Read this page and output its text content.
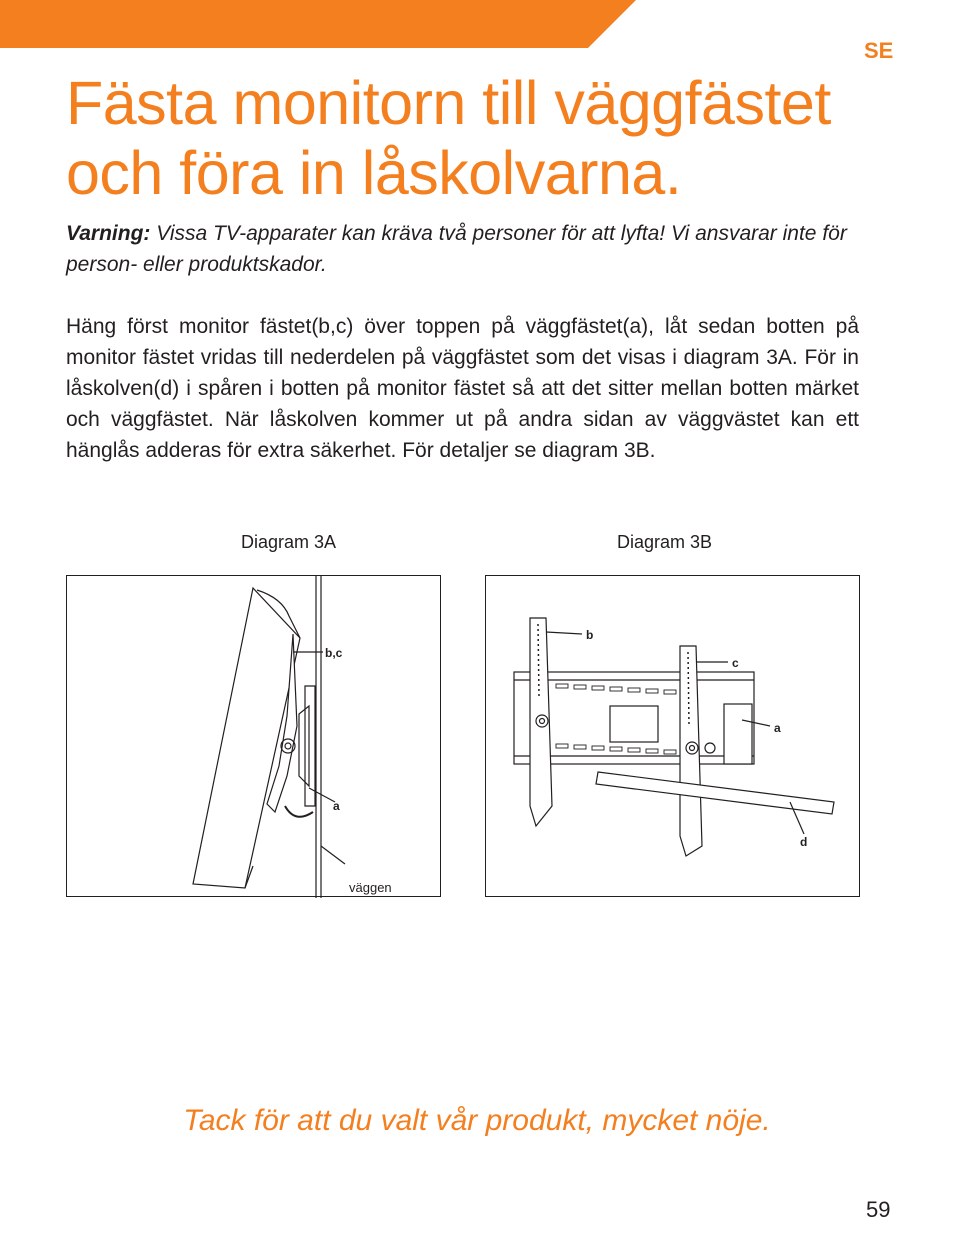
SE
Fästa monitorn till väggfästet
och föra in låskolvarna.
Varning: Vissa TV-apparater kan kräva två personer för att lyfta! Vi ansvarar inte för person- eller produktskador.
Häng först monitor fästet(b,c) över toppen på väggfästet(a), låt sedan botten på monitor fästet vridas till nederdelen på väggfästet som det visas i diagram 3A. För in låskolven(d) i spåren i botten på monitor fästet så att det sitter mellan botten märket och väggfästet. När låskolven kommer ut på andra sidan av väggvästet kan ett hänglås adderas för extra säkerhet. För detaljer se diagram 3B.
Diagram 3A	Diagram 3B
b,c
a
väggen
b
c
a
d
Tack för att du valt vår produkt, mycket nöje.
59
